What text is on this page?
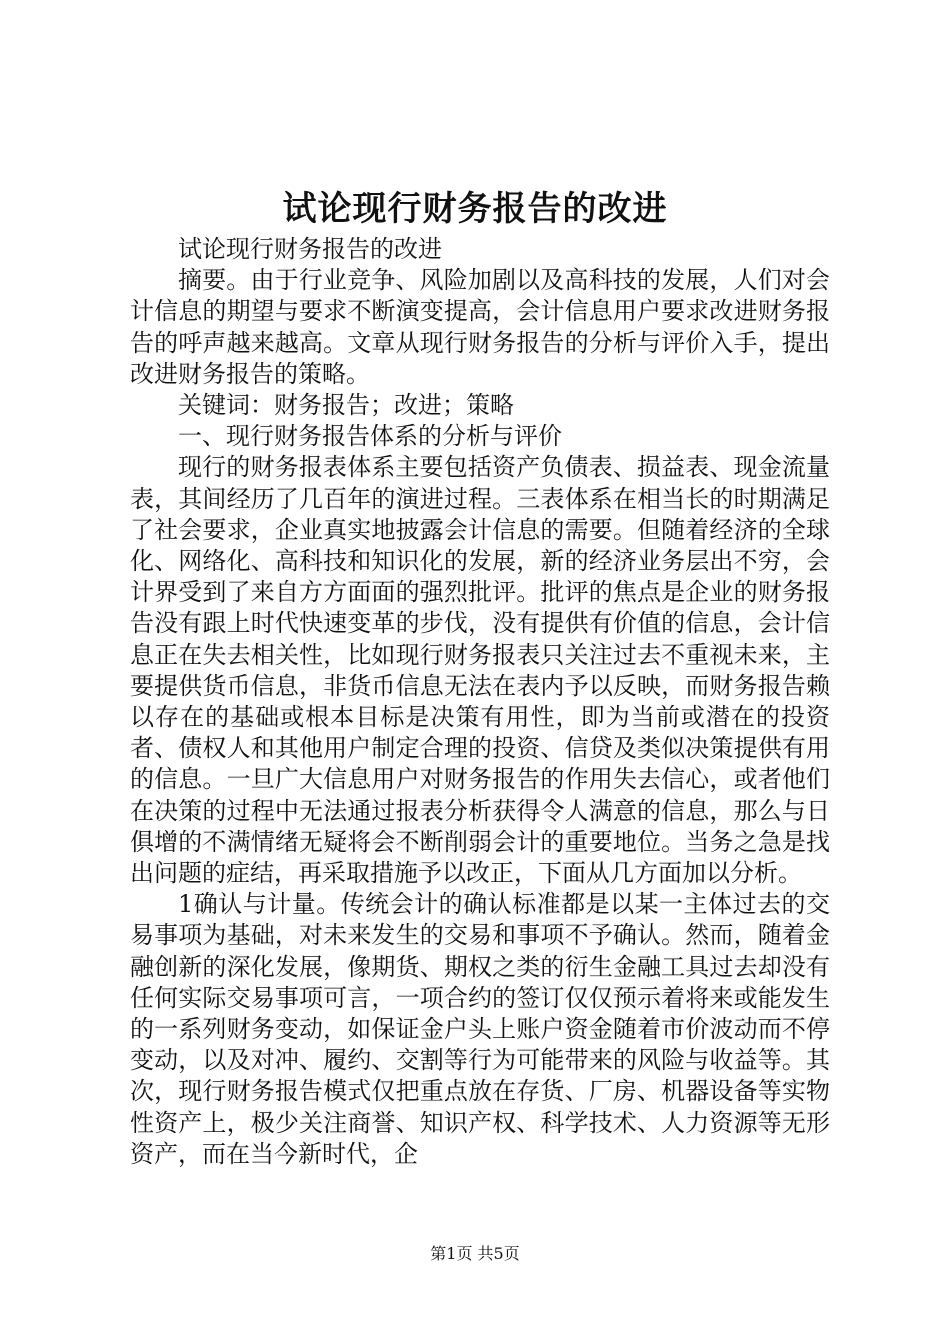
试论现行财务报告的改进

试论现行财务报告的改进

摘要。由于行业竞争、风险加剧以及高科技的发展，人们对会计信息的期望与要求不断演变提高，会计信息用户要求改进财务报告的呼声越来越高。文章从现行财务报告的分析与评价入手，提出改进财务报告的策略。

关键词：财务报告；改进；策略

一、现行财务报告体系的分析与评价

现行的财务报表体系主要包括资产负债表、损益表、现金流量表，其间经历了几百年的演进过程。三表体系在相当长的时期满足了社会要求，企业真实地披露会计信息的需要。但随着经济的全球化、网络化、高科技和知识化的发展，新的经济业务层出不穷，会计界受到了来自方方面面的强烈批评。批评的焦点是企业的财务报告没有跟上时代快速变革的步伐，没有提供有价值的信息，会计信息正在失去相关性，比如现行财务报表只关注过去不重视未来，主要提供货币信息，非货币信息无法在表内予以反映，而财务报告赖以存在的基础或根本目标是决策有用性，即为当前或潜在的投资者、债权人和其他用户制定合理的投资、信贷及类似决策提供有用的信息。一旦广大信息用户对财务报告的作用失去信心，或者他们在决策的过程中无法通过报表分析获得令人满意的信息，那么与日俱增的不满情绪无疑将会不断削弱会计的重要地位。当务之急是找出问题的症结，再采取措施予以改正，下面从几方面加以分析。

1确认与计量。传统会计的确认标准都是以某一主体过去的交易事项为基础，对未来发生的交易和事项不予确认。然而，随着金融创新的深化发展，像期货、期权之类的衍生金融工具过去却没有任何实际交易事项可言，一项合约的签订仅仅预示着将来或能发生的一系列财务变动，如保证金户头上账户资金随着市价波动而不停变动，以及对冲、履约、交割等行为可能带来的风险与收益等。其次，现行财务报告模式仅把重点放在存货、厂房、机器设备等实物性资产上，极少关注商誉、知识产权、科学技术、人力资源等无形资产，而在当今新时代，企

第1页 共5页
